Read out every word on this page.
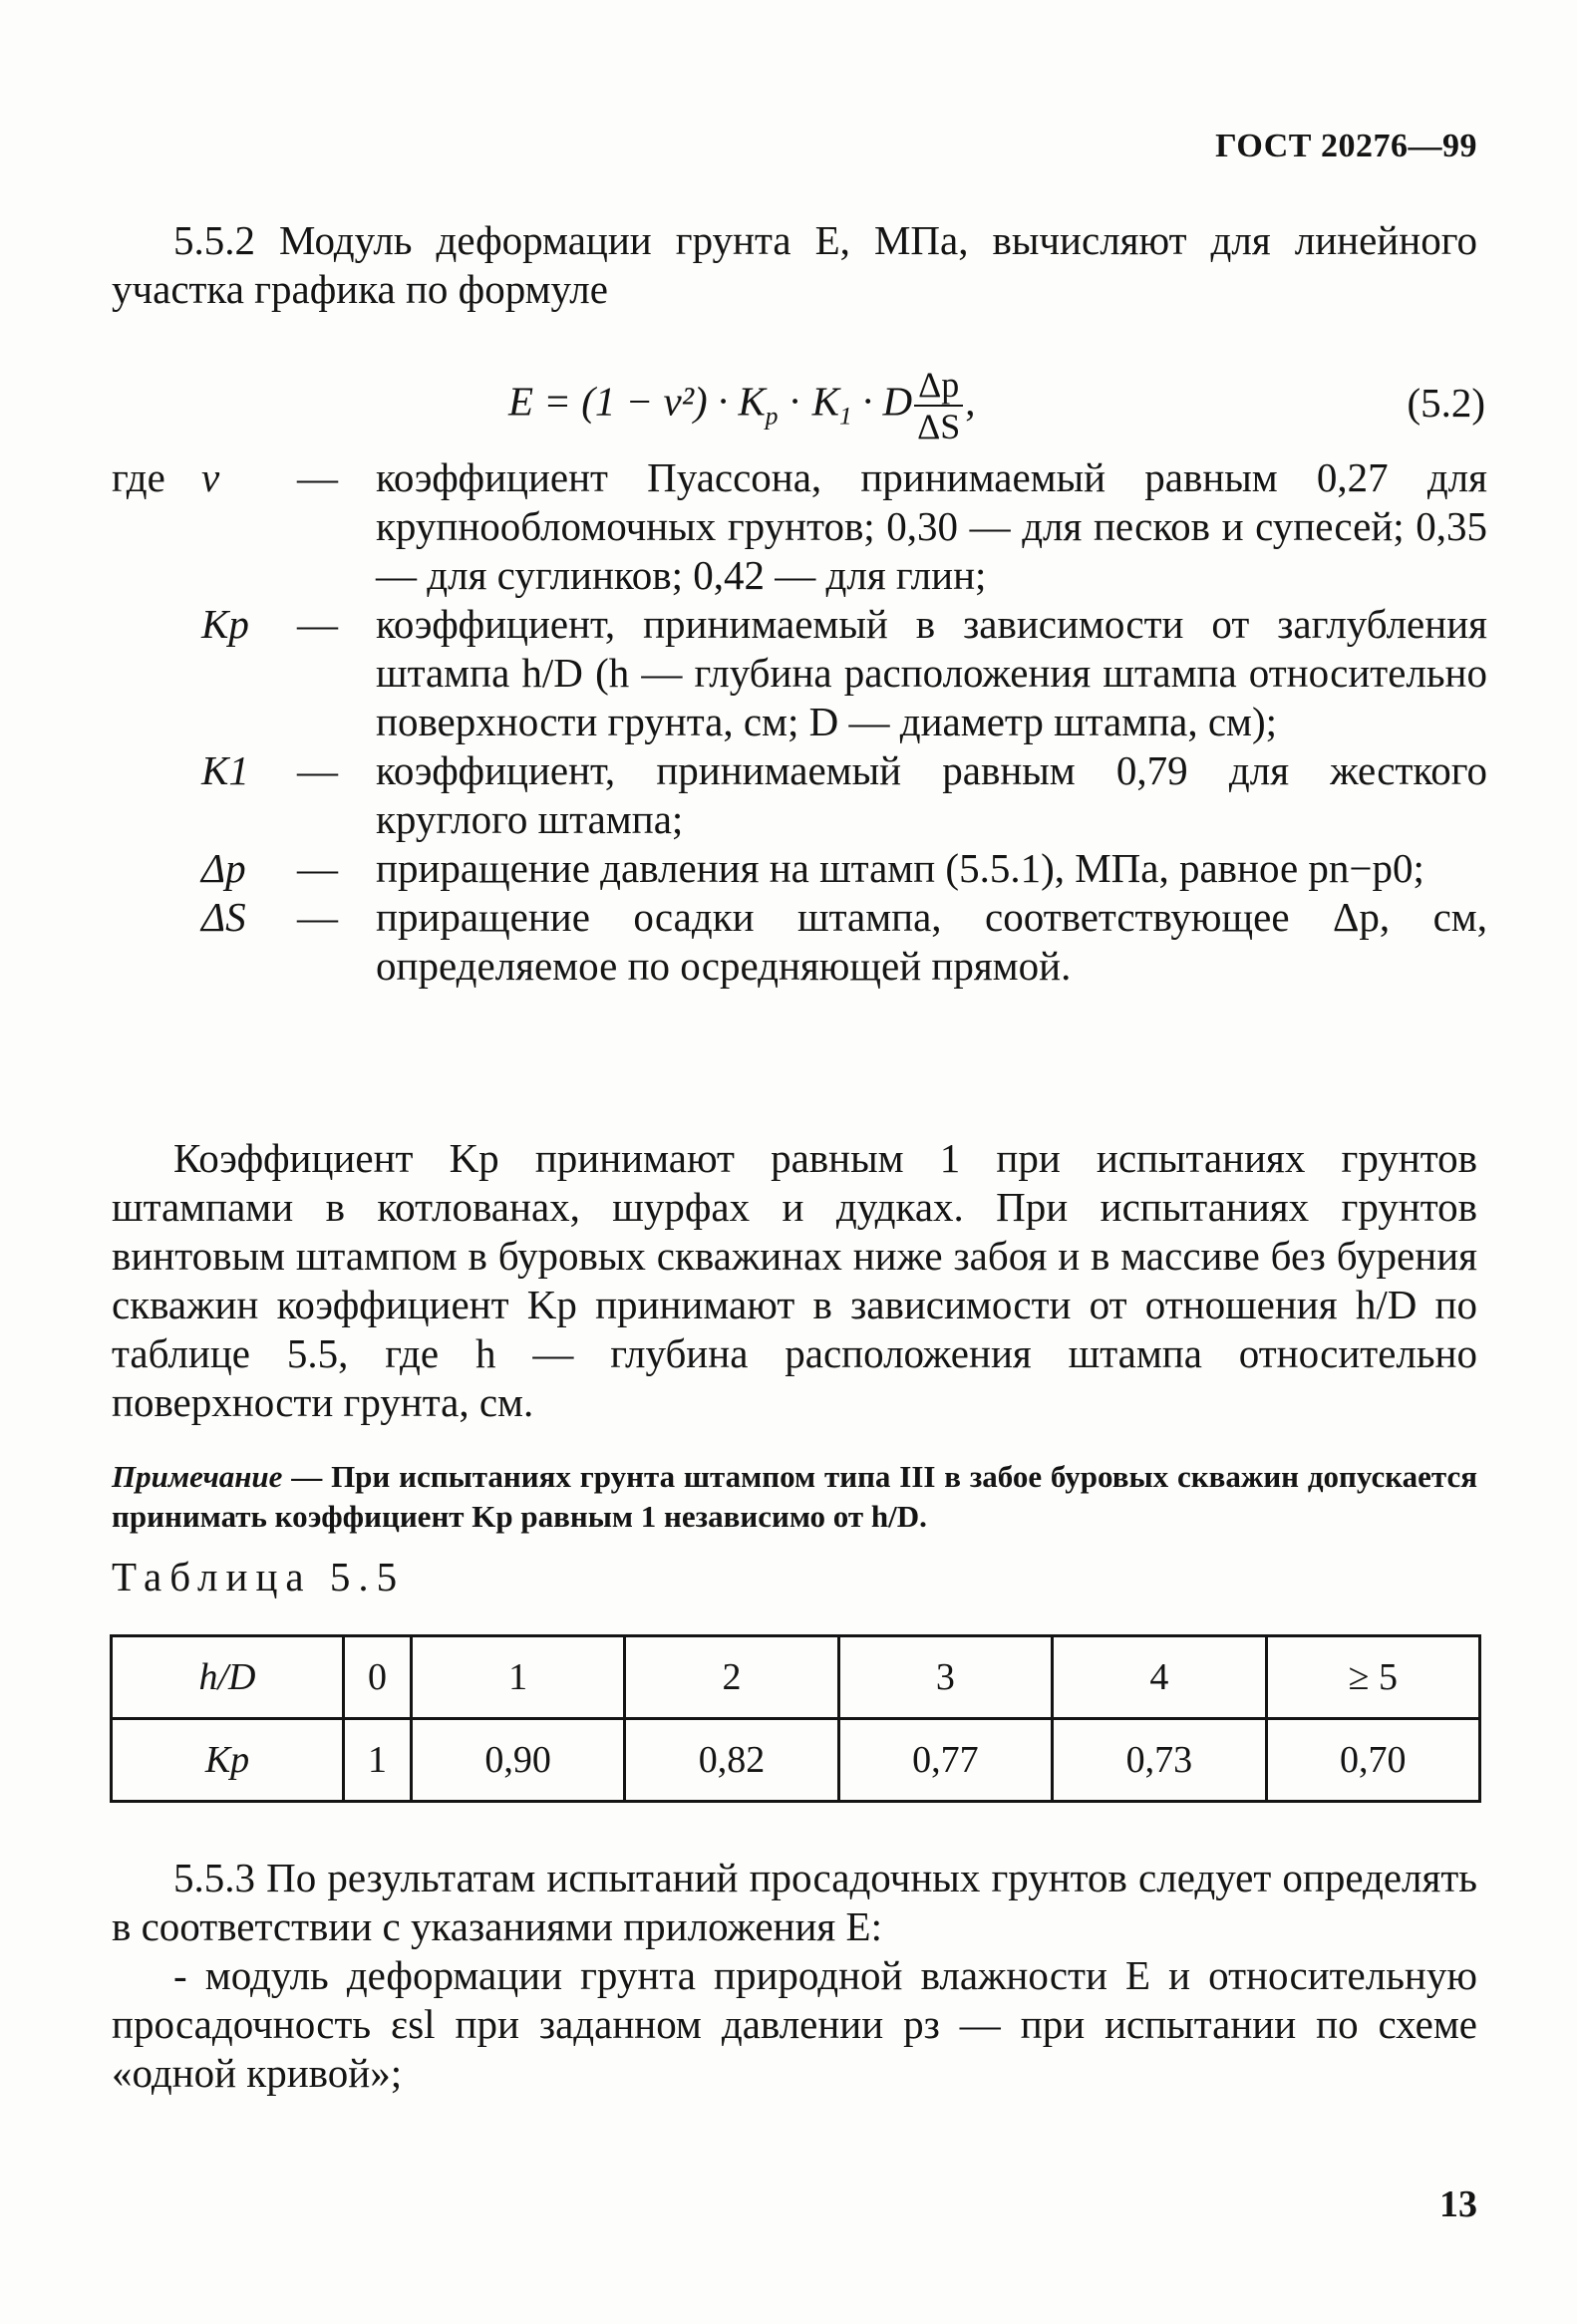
ГОСТ 20276—99
5.5.2 Модуль деформации грунта E, МПа, вычисляют для линейного участка графика по формуле
$E = (1 - \nu^2) \cdot K_p \cdot K_1 \cdot D \frac{\Delta p}{\Delta S}$ ,	(5.2)
где ν — коэффициент Пуассона, принимаемый равным 0,27 для крупнообломочных грунтов; 0,30 — для песков и супесей; 0,35 — для суглинков; 0,42 — для глин;
Kp — коэффициент, принимаемый в зависимости от заглубления штампа h/D (h — глубина расположения штампа относительно поверхности грунта, см; D — диаметр штампа, см);
K1 — коэффициент, принимаемый равным 0,79 для жесткого круглого штампа;
Δp — приращение давления на штамп (5.5.1), МПа, равное pn−p0;
ΔS — приращение осадки штампа, соответствующее Δp, см, определяемое по осредняющей прямой.
Коэффициент Kp принимают равным 1 при испытаниях грунтов штампами в котлованах, шурфах и дудках. При испытаниях грунтов винтовым штампом в буровых скважинах ниже забоя и в массиве без бурения скважин коэффициент Kp принимают в зависимости от отношения h/D по таблице 5.5, где h — глубина расположения штампа относительно поверхности грунта, см.
Примечание — При испытаниях грунта штампом типа III в забое буровых скважин допускается принимать коэффициент Kp равным 1 независимо от h/D.
Таблица 5.5
h/D	0	1	2	3	4	≥ 5
Kp	1	0,90	0,82	0,77	0,73	0,70
5.5.3 По результатам испытаний просадочных грунтов следует определять в соответствии с указаниями приложения Е:
- модуль деформации грунта природной влажности E и относительную просадочность εsl при заданном давлении pз — при испытании по схеме «одной кривой»;
13
